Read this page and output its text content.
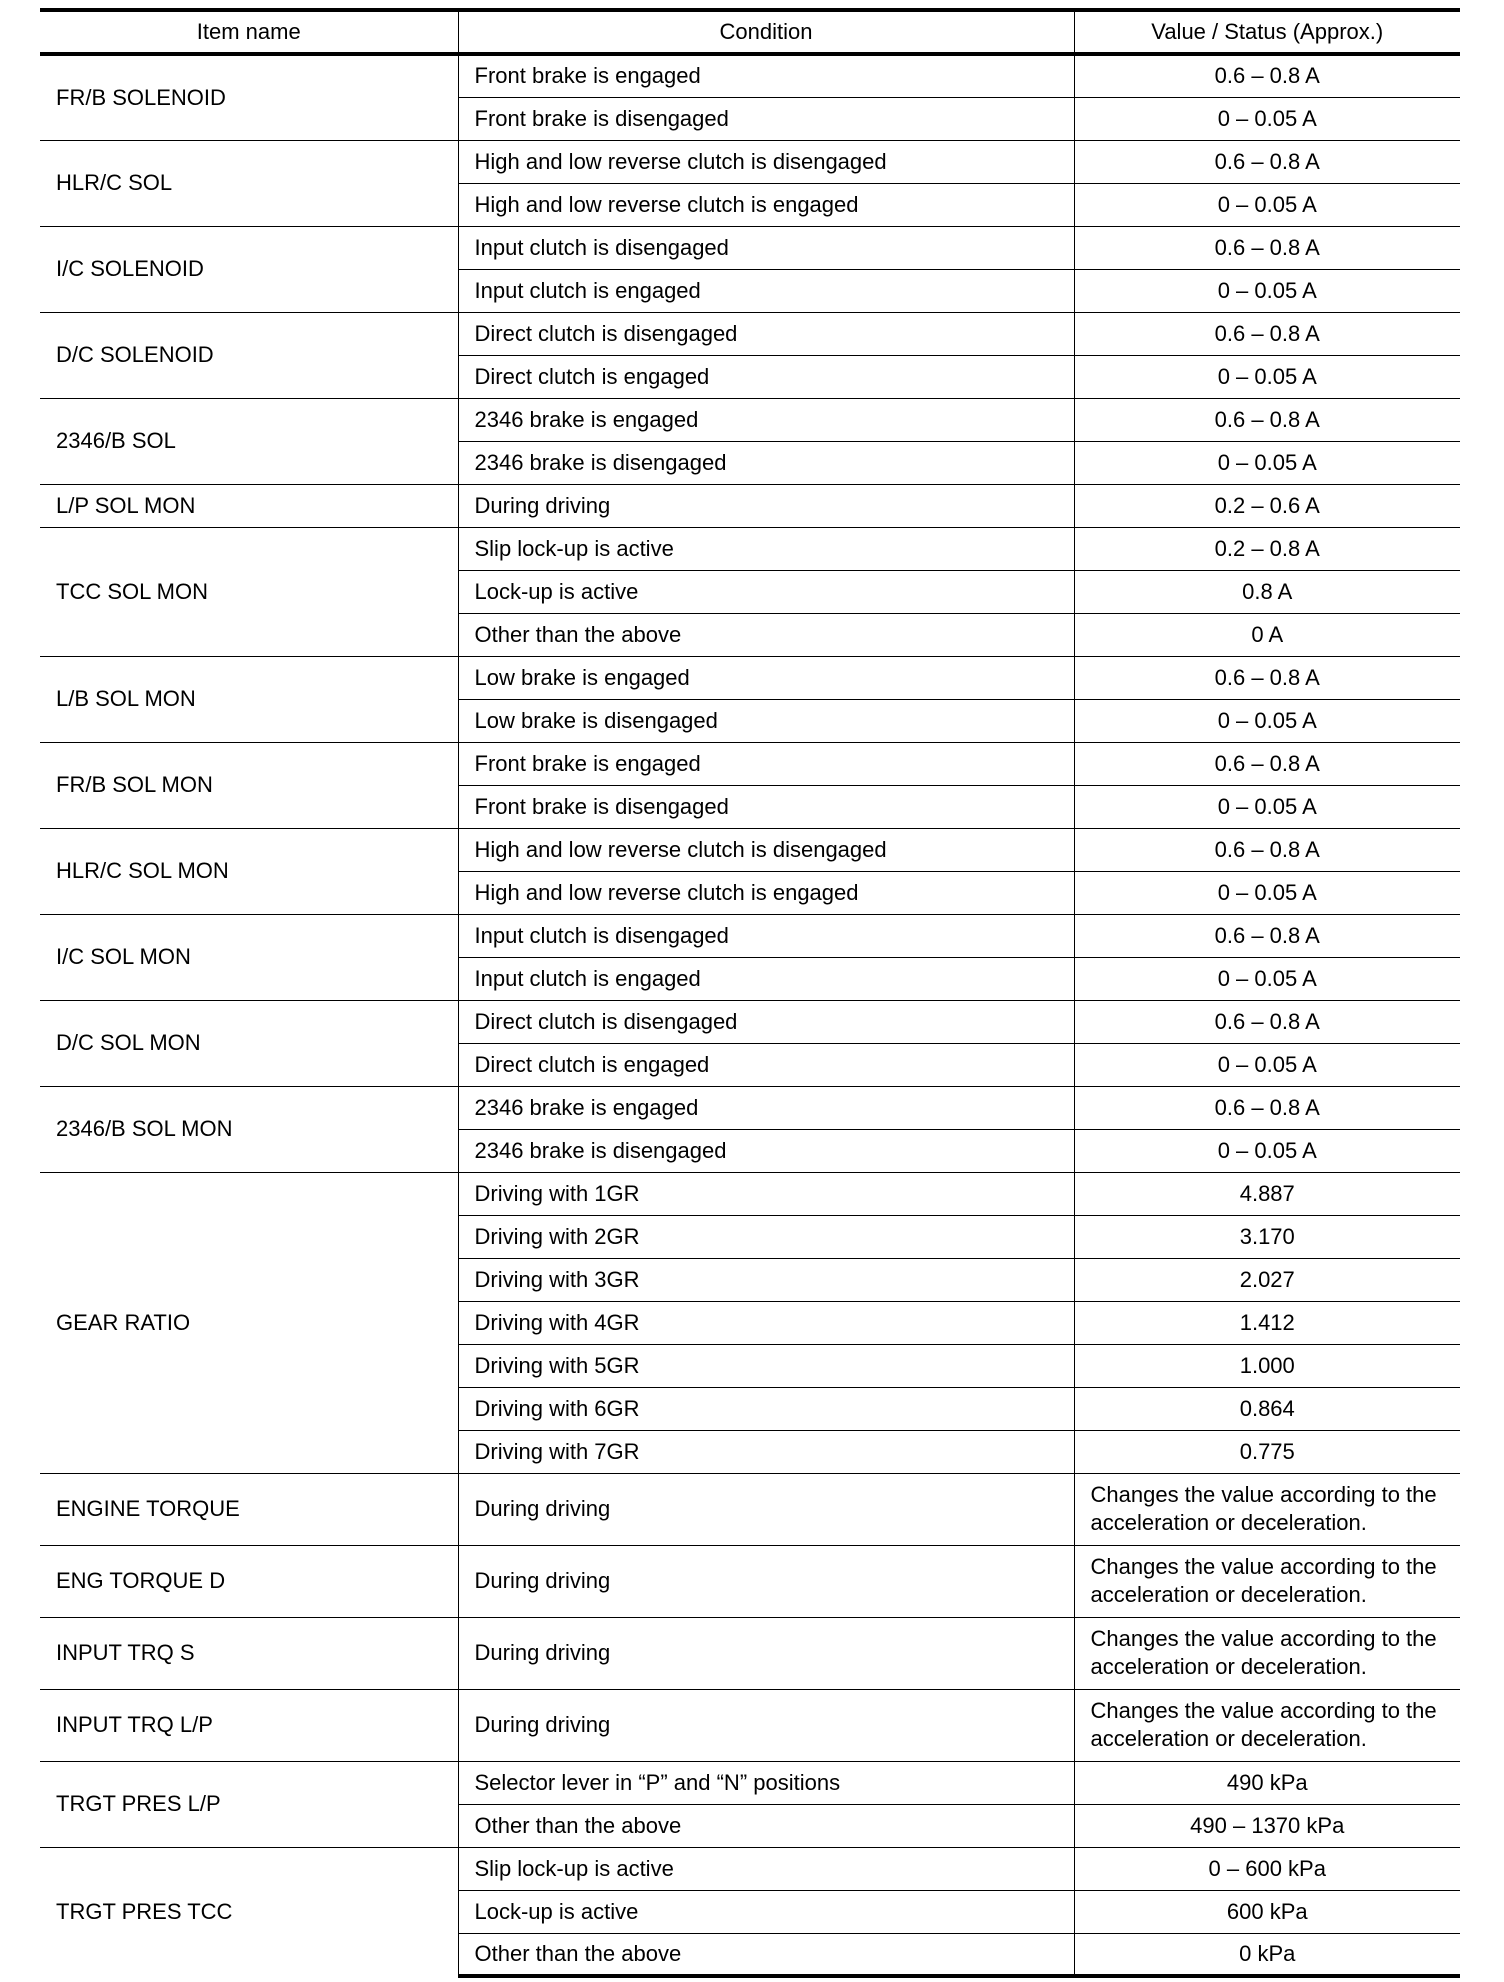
Item name	Condition	Value / Status (Approx.)
FR/B SOLENOID	Front brake is engaged	0.6 – 0.8 A
	Front brake is disengaged	0 – 0.05 A
HLR/C SOL	High and low reverse clutch is disengaged	0.6 – 0.8 A
	High and low reverse clutch is engaged	0 – 0.05 A
I/C SOLENOID	Input clutch is disengaged	0.6 – 0.8 A
	Input clutch is engaged	0 – 0.05 A
D/C SOLENOID	Direct clutch is disengaged	0.6 – 0.8 A
	Direct clutch is engaged	0 – 0.05 A
2346/B SOL	2346 brake is engaged	0.6 – 0.8 A
	2346 brake is disengaged	0 – 0.05 A
L/P SOL MON	During driving	0.2 – 0.6 A
TCC SOL MON	Slip lock-up is active	0.2 – 0.8 A
	Lock-up is active	0.8 A
	Other than the above	0 A
L/B SOL MON	Low brake is engaged	0.6 – 0.8 A
	Low brake is disengaged	0 – 0.05 A
FR/B SOL MON	Front brake is engaged	0.6 – 0.8 A
	Front brake is disengaged	0 – 0.05 A
HLR/C SOL MON	High and low reverse clutch is disengaged	0.6 – 0.8 A
	High and low reverse clutch is engaged	0 – 0.05 A
I/C SOL MON	Input clutch is disengaged	0.6 – 0.8 A
	Input clutch is engaged	0 – 0.05 A
D/C SOL MON	Direct clutch is disengaged	0.6 – 0.8 A
	Direct clutch is engaged	0 – 0.05 A
2346/B SOL MON	2346 brake is engaged	0.6 – 0.8 A
	2346 brake is disengaged	0 – 0.05 A
GEAR RATIO	Driving with 1GR	4.887
	Driving with 2GR	3.170
	Driving with 3GR	2.027
	Driving with 4GR	1.412
	Driving with 5GR	1.000
	Driving with 6GR	0.864
	Driving with 7GR	0.775
ENGINE TORQUE	During driving	Changes the value according to the acceleration or deceleration.
ENG TORQUE D	During driving	Changes the value according to the acceleration or deceleration.
INPUT TRQ S	During driving	Changes the value according to the acceleration or deceleration.
INPUT TRQ L/P	During driving	Changes the value according to the acceleration or deceleration.
TRGT PRES L/P	Selector lever in “P” and “N” positions	490 kPa
	Other than the above	490 – 1370 kPa
TRGT PRES TCC	Slip lock-up is active	0 – 600 kPa
	Lock-up is active	600 kPa
	Other than the above	0 kPa
